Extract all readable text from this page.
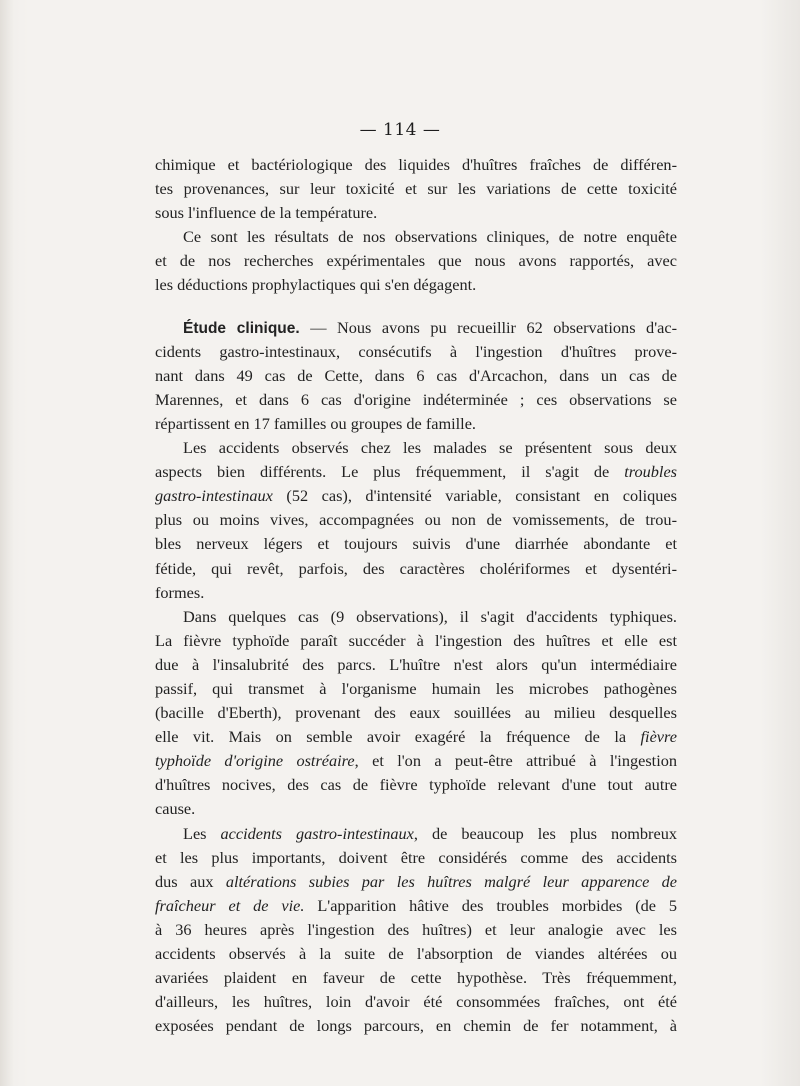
— 114 —
chimique et bactériologique des liquides d'huîtres fraîches de différen-
tes provenances, sur leur toxicité et sur les variations de cette toxicité
sous l'influence de la température.
Ce sont les résultats de nos observations cliniques, de notre enquête
et de nos recherches expérimentales que nous avons rapportés, avec
les déductions prophylactiques qui s'en dégagent.
Étude clinique. — Nous avons pu recueillir 62 observations d'ac-
cidents gastro-intestinaux, consécutifs à l'ingestion d'huîtres prove-
nant dans 49 cas de Cette, dans 6 cas d'Arcachon, dans un cas de
Marennes, et dans 6 cas d'origine indéterminée ; ces observations se
répartissent en 17 familles ou groupes de famille.
Les accidents observés chez les malades se présentent sous deux
aspects bien différents. Le plus fréquemment, il s'agit de troubles
gastro-intestinaux (52 cas), d'intensité variable, consistant en coliques
plus ou moins vives, accompagnées ou non de vomissements, de trou-
bles nerveux légers et toujours suivis d'une diarrhée abondante et
fétide, qui revêt, parfois, des caractères cholériformes et dysentéri-
formes.
Dans quelques cas (9 observations), il s'agit d'accidents typhiques.
La fièvre typhoïde paraît succéder à l'ingestion des huîtres et elle est
due à l'insalubrité des parcs. L'huître n'est alors qu'un intermédiaire
passif, qui transmet à l'organisme humain les microbes pathogènes
(bacille d'Eberth), provenant des eaux souillées au milieu desquelles
elle vit. Mais on semble avoir exagéré la fréquence de la fièvre
typhoïde d'origine ostréaire, et l'on a peut-être attribué à l'ingestion
d'huîtres nocives, des cas de fièvre typhoïde relevant d'une tout autre
cause.
Les accidents gastro-intestinaux, de beaucoup les plus nombreux
et les plus importants, doivent être considérés comme des accidents
dus aux altérations subies par les huîtres malgré leur apparence de
fraîcheur et de vie. L'apparition hâtive des troubles morbides (de 5
à 36 heures après l'ingestion des huîtres) et leur analogie avec les
accidents observés à la suite de l'absorption de viandes altérées ou
avariées plaident en faveur de cette hypothèse. Très fréquemment,
d'ailleurs, les huîtres, loin d'avoir été consommées fraîches, ont été
exposées pendant de longs parcours, en chemin de fer notamment, à
